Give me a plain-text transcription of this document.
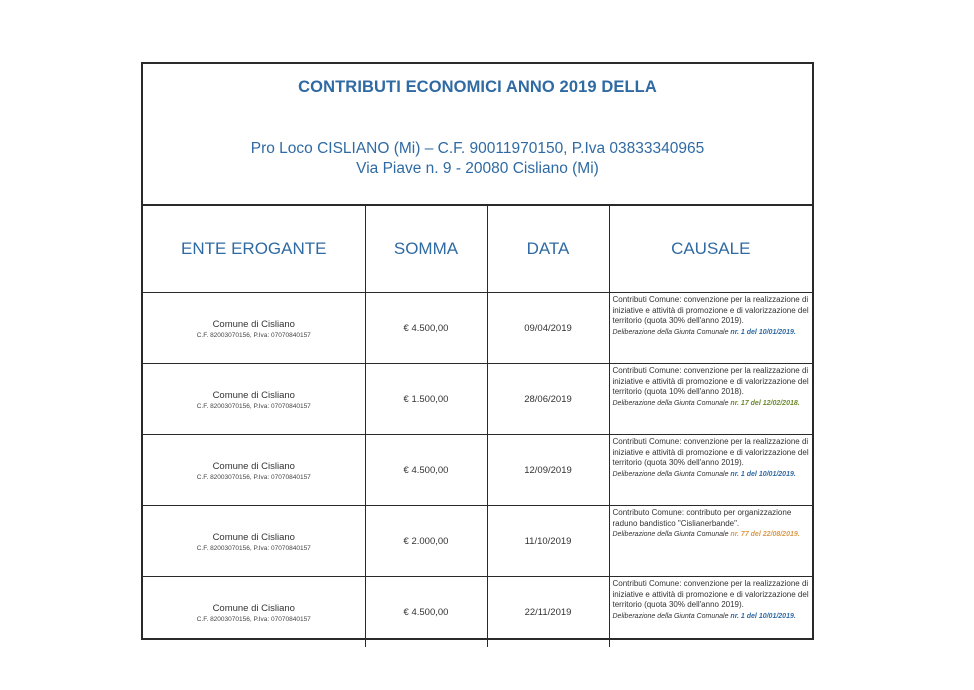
CONTRIBUTI ECONOMICI ANNO 2019 DELLA
Pro Loco CISLIANO (Mi) – C.F. 90011970150, P.Iva 03833340965
Via Piave n. 9 - 20080 Cisliano (Mi)
ENTE EROGANTE	SOMMA	DATA	CAUSALE

Comune di Cisliano
C.F. 82003070156, P.Iva: 07070840157	€ 4.500,00	09/04/2019	Contributi Comune: convenzione per la realizzazione di iniziative e attività di promozione e di valorizzazione del territorio (quota 30% dell'anno 2019).
Deliberazione della Giunta Comunale nr. 1 del 10/01/2019.

Comune di Cisliano
C.F. 82003070156, P.Iva: 07070840157	€ 1.500,00	28/06/2019	Contributi Comune: convenzione per la realizzazione di iniziative e attività di promozione e di valorizzazione del territorio (quota 10% dell'anno 2018).
Deliberazione della Giunta Comunale nr. 17 del 12/02/2018.

Comune di Cisliano
C.F. 82003070156, P.Iva: 07070840157	€ 4.500,00	12/09/2019	Contributi Comune: convenzione per la realizzazione di iniziative e attività di promozione e di valorizzazione del territorio (quota 30% dell'anno 2019).
Deliberazione della Giunta Comunale nr. 1 del 10/01/2019.

Comune di Cisliano
C.F. 82003070156, P.Iva: 07070840157	€ 2.000,00	11/10/2019	Contributo Comune: contributo per organizzazione raduno bandistico "Cislianerbande".
Deliberazione della Giunta Comunale nr. 77 del 22/08/2019.

Comune di Cisliano
C.F. 82003070156, P.Iva: 07070840157	€ 4.500,00	22/11/2019	Contributi Comune: convenzione per la realizzazione di iniziative e attività di promozione e di valorizzazione del territorio (quota 30% dell'anno 2019).
Deliberazione della Giunta Comunale nr. 1 del 10/01/2019.
